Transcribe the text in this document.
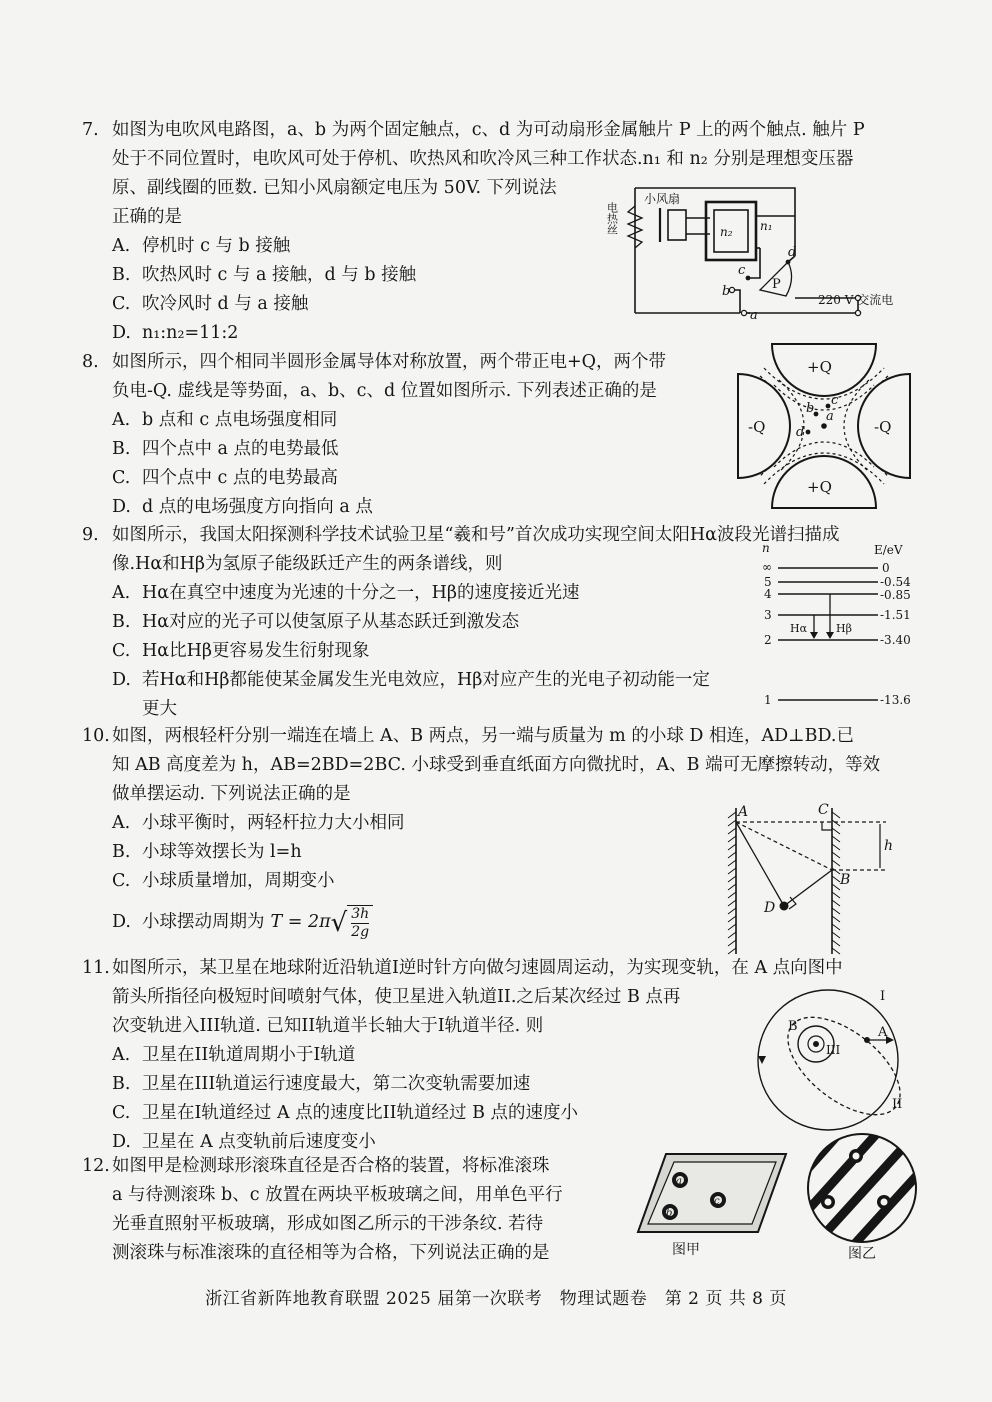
7. 如图为电吹风电路图，a、b 为两个固定触点，c、d 为可动扇形金属触片 P 上的两个触点. 触片 P

处于不同位置时，电吹风可处于停机、吹热风和吹冷风三种工作状态.n₁ 和 n₂ 分别是理想变压器

原、副线圈的匝数. 已知小风扇额定电压为 50V. 下列说法

正确的是

A. 停机时 c 与 b 接触

B. 吹热风时 c 与 a 接触，d 与 b 接触

C. 吹冷风时 d 与 a 接触

D. n₁:n₂=11:2

小风扇
电热丝	n₂ n₁
b
a
c
d
P
220 V 交流电

8. 如图所示，四个相同半圆形金属导体对称放置，两个带正电+Q，两个带

负电-Q. 虚线是等势面，a、b、c、d 位置如图所示. 下列表述正确的是

A. b 点和 c 点电场强度相同

B. 四个点中 a 点的电势最低

C. 四个点中 c 点的电势最高

D. d 点的电场强度方向指向 a 点

+Q
+Q
-Q	-Q
a
b
c
d

9. 如图所示，我国太阳探测科学技术试验卫星“羲和号”首次成功实现空间太阳Hα波段光谱扫描成

像.Hα和Hβ为氢原子能级跃迁产生的两条谱线，则

A. Hα在真空中速度为光速的十分之一，Hβ的速度接近光速

B. Hα对应的光子可以使氢原子从基态跃迁到激发态

C. Hα比Hβ更容易发生衍射现象

D. 若Hα和Hβ都能使某金属发生光电效应，Hβ对应产生的光电子初动能一定

更大

n	E/eV
Hα	Hβ
∞	0
5	-0.54
4	-0.85
3	-1.51
2	-3.40
1	-13.6

10. 如图，两根轻杆分别一端连在墙上 A、B 两点，另一端与质量为 m 的小球 D 相连，AD⊥BD.已

知 AB 高度差为 h，AB=2BD=2BC. 小球受到垂直纸面方向微扰时，A、B 端可无摩擦转动，等效

做单摆运动. 下列说法正确的是

A. 小球平衡时，两轻杆拉力大小相同

B. 小球等效摆长为 l=h

C. 小球质量增加，周期变小

D. 小球摆动周期为 $T = 2\pi√ \frac{3h}{2g}$

A	C
B
D
h

11. 如图所示，某卫星在地球附近沿轨道I逆时针方向做匀速圆周运动，为实现变轨，在 A 点向图中

箭头所指径向极短时间喷射气体，使卫星进入轨道II.之后某次经过 B 点再

次变轨进入III轨道. 已知II轨道半长轴大于I轨道半径. 则

A. 卫星在II轨道周期小于I轨道

B. 卫星在III轨道运行速度最大，第二次变轨需要加速

C. 卫星在I轨道经过 A 点的速度比II轨道经过 B 点的速度小

D. 卫星在 A 点变轨前后速度变小

I
II
III
A
B

12. 如图甲是检测球形滚珠直径是否合格的装置，将标准滚珠

a 与待测滚珠 b、c 放置在两块平板玻璃之间，用单色平行

光垂直照射平板玻璃，形成如图乙所示的干涉条纹. 若待

测滚珠与标准滚珠的直径相等为合格，下列说法正确的是

a
c
b
图甲	图乙
浙江省新阵地教育联盟 2025 届第一次联考　物理试题卷　第 2 页 共 8 页
